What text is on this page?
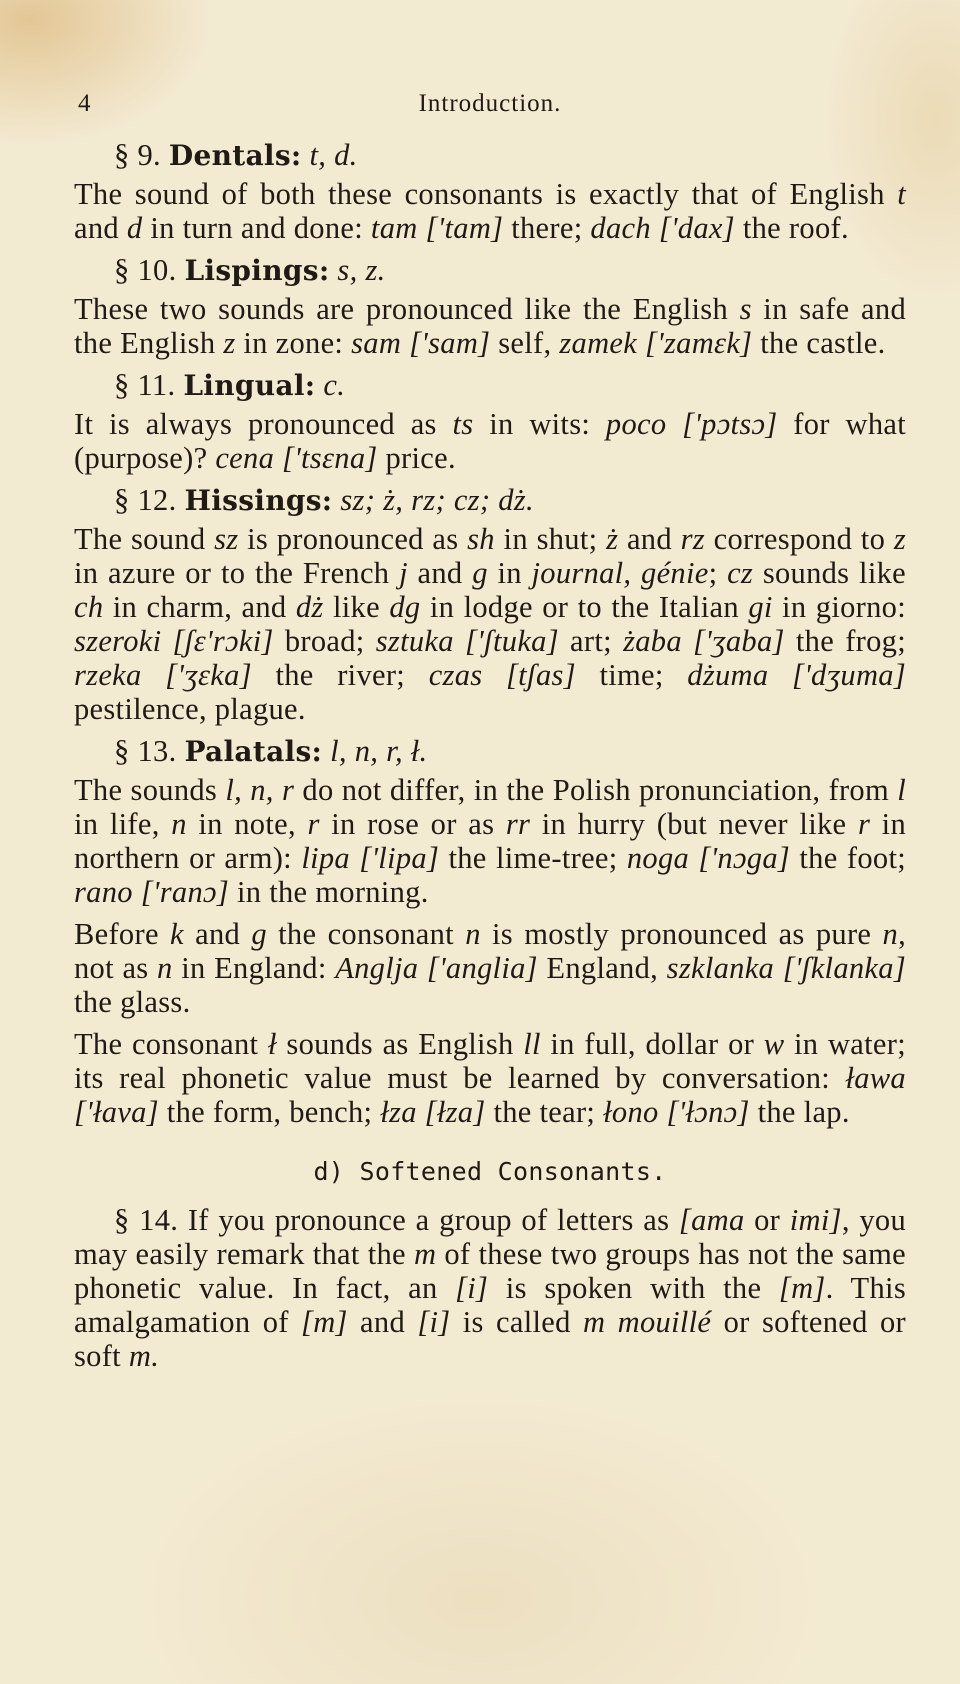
4	Introduction.
§ 9. Dentals: t, d.

The sound of both these consonants is exactly that of English t and d in turn and done: tam ['tam] there; dach ['dax] the roof.

§ 10. Lispings: s, z.

These two sounds are pronounced like the English s in safe and the English z in zone: sam ['sam] self, zamek ['zamɛk] the castle.

§ 11. Lingual: c.

It is always pronounced as ts in wits: poco ['pɔtsɔ] for what (purpose)? cena ['tsɛna] price.

§ 12. Hissings: sz; ż, rz; cz; dż.

The sound sz is pronounced as sh in shut; ż and rz correspond to z in azure or to the French j and g in journal, génie; cz sounds like ch in charm, and dż like dg in lodge or to the Italian gi in giorno: szeroki [ʃɛ'rɔki] broad; sztuka ['ʃtuka] art; żaba ['ʒaba] the frog; rzeka ['ʒɛka] the river; czas [tʃas] time; dżuma ['dʒuma] pestilence, plague.

§ 13. Palatals: l, n, r, ł.

The sounds l, n, r do not differ, in the Polish pronunciation, from l in life, n in note, r in rose or as rr in hurry (but never like r in northern or arm): lipa ['lipa] the lime-tree; noga ['nɔga] the foot; rano ['ranɔ] in the morning.

Before k and g the consonant n is mostly pronounced as pure n, not as n in England: Anglja ['anglia] England, szklanka ['ʃklanka] the glass.

The consonant ł sounds as English ll in full, dollar or w in water; its real phonetic value must be learned by conversation: ława ['łava] the form, bench; łza [łza] the tear; łono ['łɔnɔ] the lap.

d) Softened Consonants.

§ 14. If you pronounce a group of letters as [ama or imi], you may easily remark that the m of these two groups has not the same phonetic value. In fact, an [i] is spoken with the [m]. This amalgamation of [m] and [i] is called m mouillé or softened or soft m.
